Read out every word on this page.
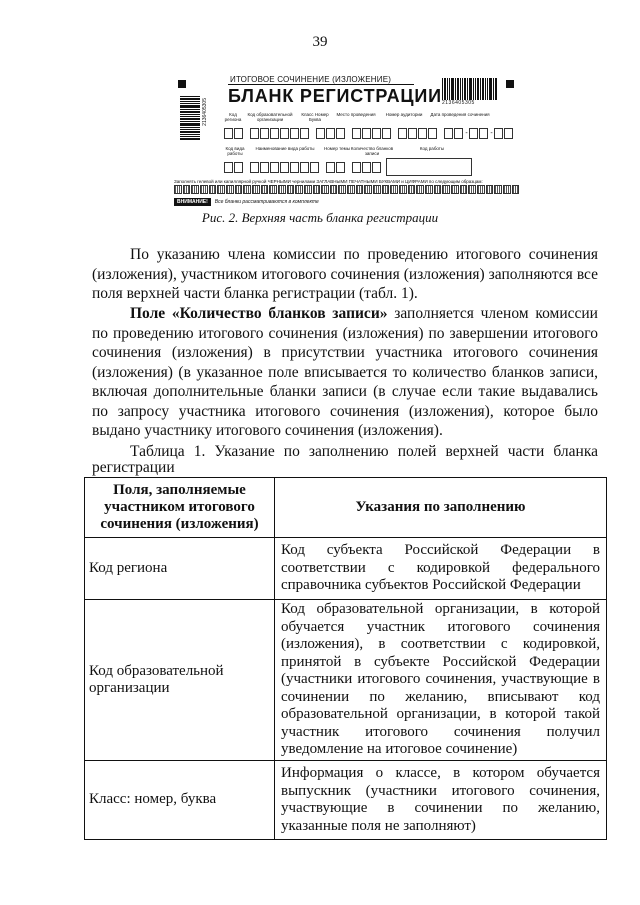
39
2136405305
ИТОГОВОЕ СОЧИНЕНИЕ (ИЗЛОЖЕНИЕ)
БЛАНК РЕГИСТРАЦИИ 2136405305
Код региона
Код образовательной организации
Класс Номер Буква
Место проведения	Номер аудитории	Дата проведения сочинения
-	-
Код вида работы
Наименование вида работы	Номер темы Количество бланков записи
Код работы
Заполнять гелевой или капиллярной ручкой ЧЕРНЫМИ чернилами ЗАГЛАВНЫМИ ПЕЧАТНЫМИ БУКВАМИ и ЦИФРАМИ по следующим образцам:
ВНИМАНИЕ!	Все бланки рассматриваются в комплекте
Рис. 2. Верхняя часть бланка регистрации

По указанию члена комиссии по проведению итогового сочинения (изложения), участником итогового сочинения (изложения) заполняются все поля верхней части бланка регистрации (табл. 1).

Поле «Количество бланков записи» заполняется членом комиссии по проведению итогового сочинения (изложения) по завершении итогового сочинения (изложения) в присутствии участника итогового сочинения (изложения) (в указанное поле вписывается то количество бланков записи, включая дополнительные бланки записи (в случае если такие выдавались по запросу участника итогового сочинения (изложения), которое было выдано участнику итогового сочинения (изложения).

Таблица 1. Указание по заполнению полей верхней части бланка
регистрации
Поля, заполняемые участником итогового сочинения (изложения)	Указания по заполнению
Код региона	Код субъекта Российской Федерации в соответствии с кодировкой федерального справочника субъектов Российской Федерации
Код образовательной организации	Код образовательной организации, в которой обучается участник итогового сочинения (изложения), в соответствии с кодировкой, принятой в субъекте Российской Федерации (участники итогового сочинения, участвующие в сочинении по желанию, вписывают код образовательной организации, в которой такой участник итогового сочинения получил уведомление на итоговое сочинение)
Класс: номер, буква	Информация о классе, в котором обучается выпускник (участники итогового сочинения, участвующие в сочинении по желанию, указанные поля не заполняют)
